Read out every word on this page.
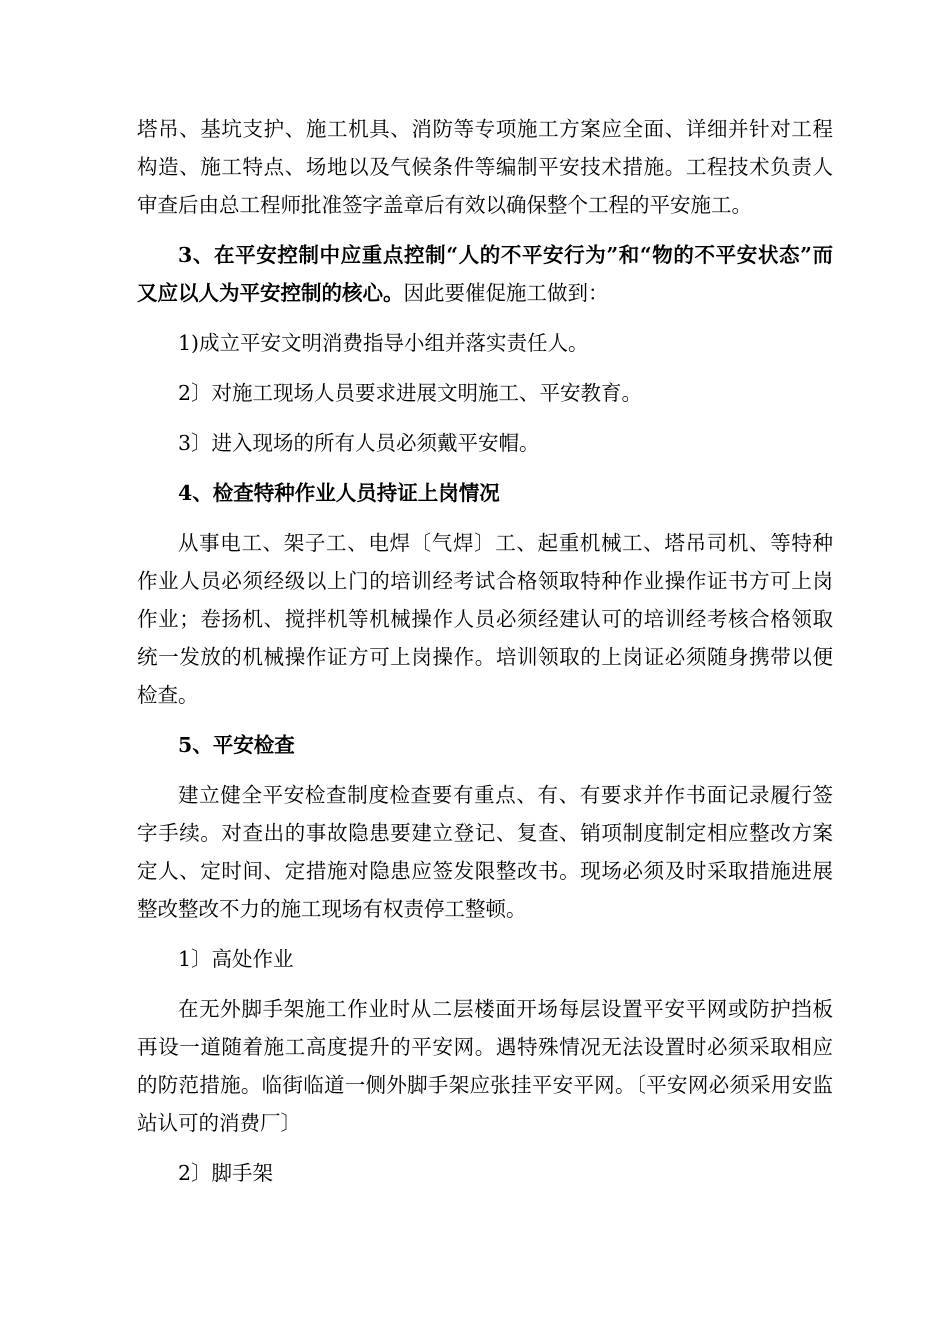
塔吊、基坑支护、施工机具、消防等专项施工方案应全面、详细并针对工程构造、施工特点、场地以及气候条件等编制平安技术措施。工程技术负责人审查后由总工程师批准签字盖章后有效以确保整个工程的平安施工。

3、在平安控制中应重点控制“人的不平安行为”和“物的不平安状态”而又应以人为平安控制的核心。因此要催促施工做到：

1)成立平安文明消费指导小组并落实责任人。

2〕对施工现场人员要求进展文明施工、平安教育。

3〕进入现场的所有人员必须戴平安帽。

4、检查特种作业人员持证上岗情况

从事电工、架子工、电焊〔气焊〕工、起重机械工、塔吊司机、等特种作业人员必须经级以上门的培训经考试合格领取特种作业操作证书方可上岗作业；卷扬机、搅拌机等机械操作人员必须经建认可的培训经考核合格领取统一发放的机械操作证方可上岗操作。培训领取的上岗证必须随身携带以便检查。

5、平安检查

建立健全平安检查制度检查要有重点、有、有要求并作书面记录履行签字手续。对查出的事故隐患要建立登记、复查、销项制度制定相应整改方案定人、定时间、定措施对隐患应签发限整改书。现场必须及时采取措施进展整改整改不力的施工现场有权责停工整顿。

1〕高处作业

在无外脚手架施工作业时从二层楼面开场每层设置平安平网或防护挡板再设一道随着施工高度提升的平安网。遇特殊情况无法设置时必须采取相应的防范措施。临街临道一侧外脚手架应张挂平安平网。〔平安网必须采用安监站认可的消费厂〕

2〕脚手架
